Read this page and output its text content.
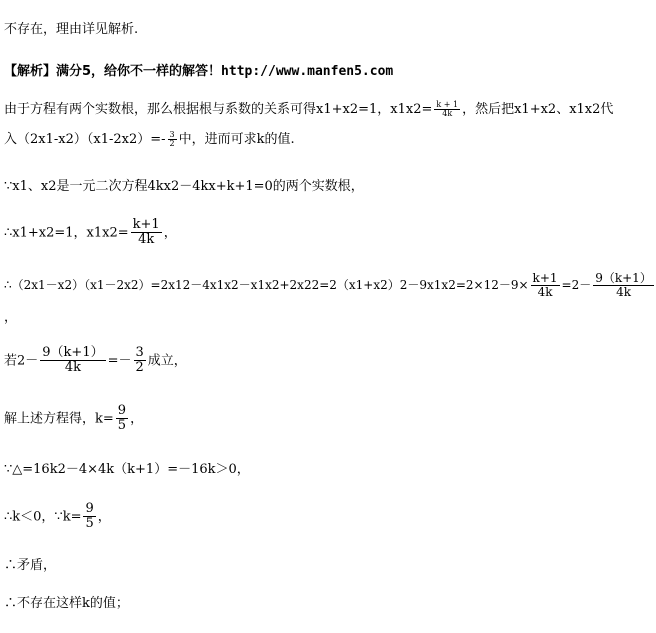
不存在，理由详见解析.
【解析】满分5，给你不一样的解答！http://www.manfen5.com
由于方程有两个实数根，那么根据根与系数的关系可得x1+x2=1，$x1x2= \frac{k + 1}{4k}$ ，然后把x1+x2、x1x2代
入$(2x1-x2)(x1-2x2)=- \frac{3}{2}$ 中，进而可求k的值.
∵x1、x2是一元二次方程4kx2－4kx+k+1=0的两个实数根，
∴x1+x2=1，$x1x2= \frac{k+1}{4k}$ ，
∴（2x1－x2）（x1－2x2）=2x12－4x1x2－x1x2+2x22=2（x1+x2）2－9x1x2=2×12－9× $\frac{k+1}{4k} =2- \frac{9(k+1)}{4k}$
，
若$2- \frac{9(k+1)}{4k} =- \frac{3}{2}$ 成立，
解上述方程得，$k= \frac{9}{5}$ ，
∵△=16k2－4×4k（k+1）=－16k＞0，
∴k＜0，∵k= $\frac{9}{5}$ ，
∴矛盾，
∴不存在这样k的值；
